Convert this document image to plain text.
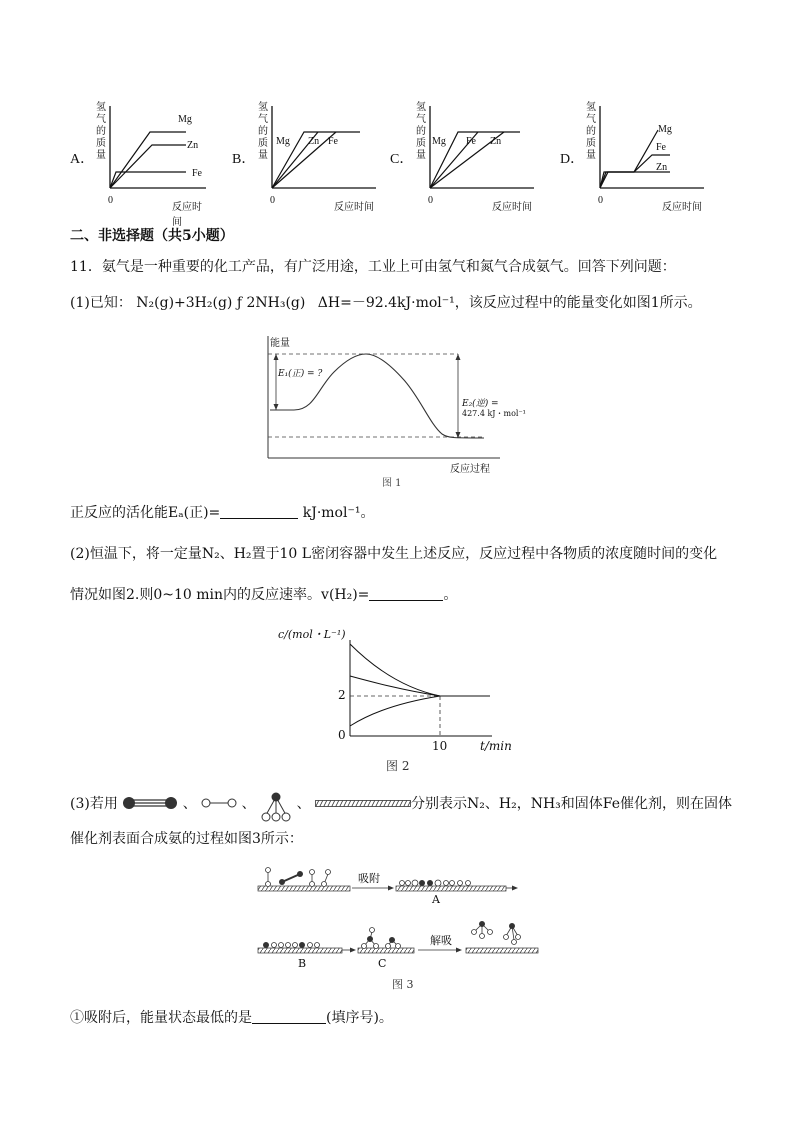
A．
Mg
Zn
Fe
氢气的质量
0
反应时间
B．
Mg Zn Fe
氢气的质量
0
反应时间
C．
Mg Fe Zn
氢气的质量
0
反应时间
D．
Mg
Fe
Zn
氢气的质量
0
反应时间
二、非选择题（共5小题）
11．氨气是一种重要的化工产品，有广泛用途，工业上可由氢气和氮气合成氨气。回答下列问题：
(1)已知： N₂(g)+3H₂(g) ƒ 2NH₃(g) ΔH=－92.4kJ·mol⁻¹，该反应过程中的能量变化如图1所示。
能量
E₁(正) = ?
E₂(逆) =
427.4 kJ・mol⁻¹
反应过程
图 1
正反应的活化能Eₐ(正)=	kJ·mol⁻¹。
(2)恒温下，将一定量N₂、H₂置于10 L密闭容器中发生上述反应，反应过程中各物质的浓度随时间的变化
情况如图2.则0~10 min内的反应速率。v(H₂)=	。
c/(mol・L⁻¹)
2
0
10	t/min
图 2
(3)若用	、	、	、	分别表示N₂、H₂，NH₃和固体Fe催化剂，则在固体
催化剂表面合成氨的过程如图3所示：
吸附
A
解吸
B	C
图 3
①吸附后，能量状态最低的是	(填序号)。
